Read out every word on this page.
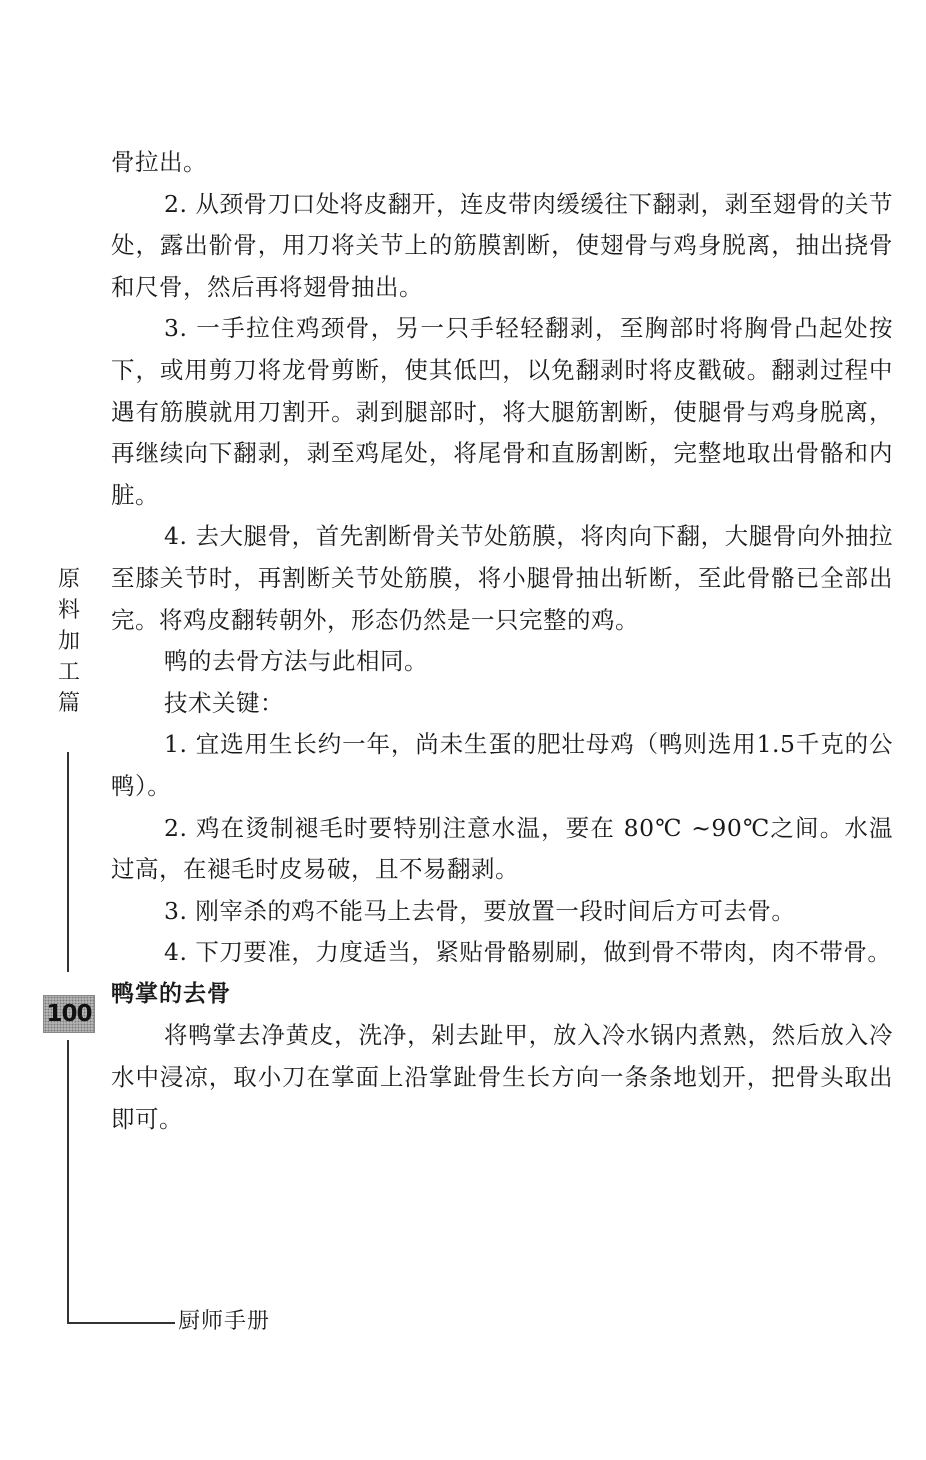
骨拉出。

2. 从颈骨刀口处将皮翻开，连皮带肉缓缓往下翻剥，剥至翅骨的关节处，露出骱骨，用刀将关节上的筋膜割断，使翅骨与鸡身脱离，抽出挠骨和尺骨，然后再将翅骨抽出。

3. 一手拉住鸡颈骨，另一只手轻轻翻剥，至胸部时将胸骨凸起处按下，或用剪刀将龙骨剪断，使其低凹，以免翻剥时将皮戳破。翻剥过程中遇有筋膜就用刀割开。剥到腿部时，将大腿筋割断，使腿骨与鸡身脱离，再继续向下翻剥，剥至鸡尾处，将尾骨和直肠割断，完整地取出骨骼和内脏。

4. 去大腿骨，首先割断骨关节处筋膜，将肉向下翻，大腿骨向外抽拉至膝关节时，再割断关节处筋膜，将小腿骨抽出斩断，至此骨骼已全部出完。将鸡皮翻转朝外，形态仍然是一只完整的鸡。

鸭的去骨方法与此相同。

技术关键：

1. 宜选用生长约一年，尚未生蛋的肥壮母鸡（鸭则选用1.5千克的公鸭）。

2. 鸡在烫制褪毛时要特别注意水温，要在 80℃ ~90℃之间。水温过高，在褪毛时皮易破，且不易翻剥。

3. 刚宰杀的鸡不能马上去骨，要放置一段时间后方可去骨。

4. 下刀要准，力度适当，紧贴骨骼剔刷，做到骨不带肉，肉不带骨。

鸭掌的去骨

将鸭掌去净黄皮，洗净，剁去趾甲，放入冷水锅内煮熟，然后放入冷水中浸凉，取小刀在掌面上沿掌趾骨生长方向一条条地划开，把骨头取出即可。

原
料
加
工
篇
100
厨师手册
